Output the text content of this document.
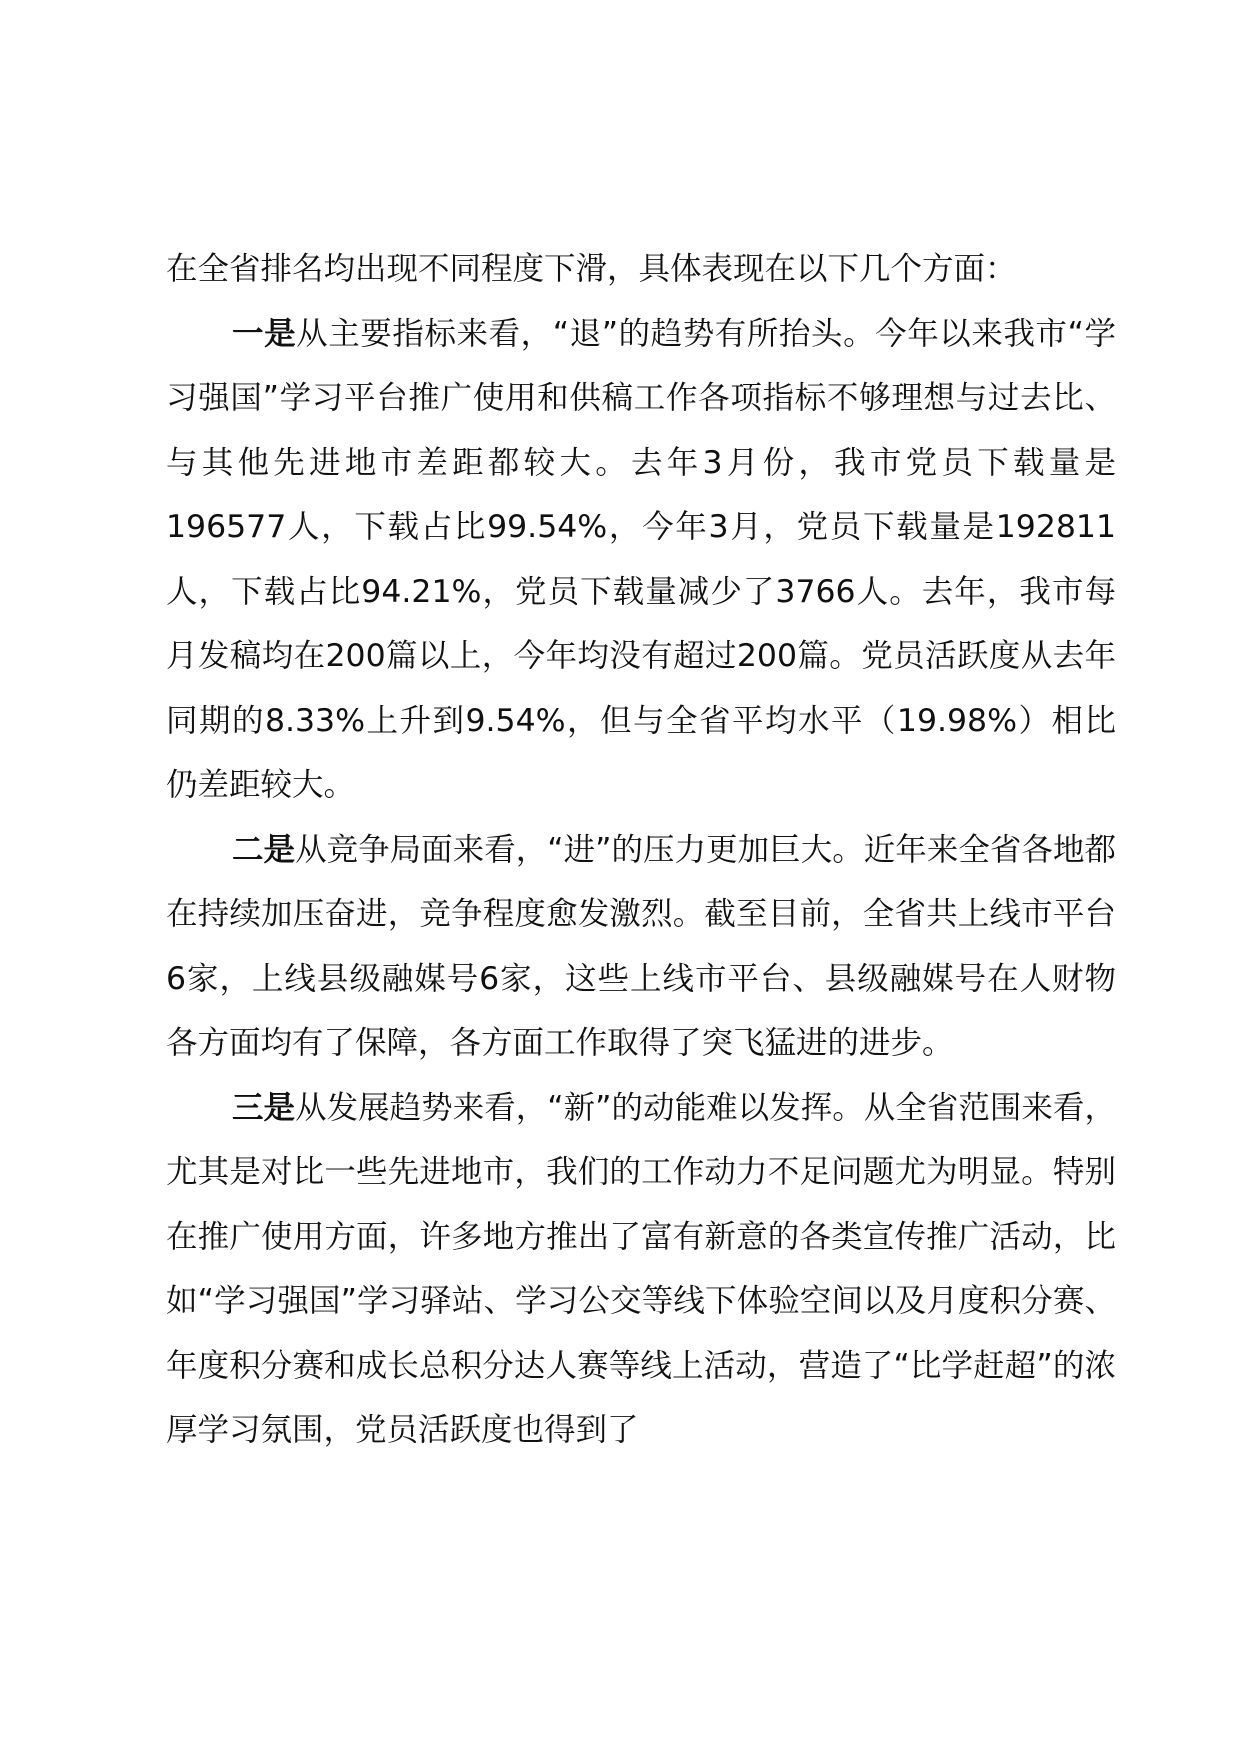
在全省排名均出现不同程度下滑，具体表现在以下几个方面：

一是从主要指标来看，“退”的趋势有所抬头。今年以来我市“学习强国”学习平台推广使用和供稿工作各项指标不够理想与过去比、与其他先进地市差距都较大。去年3月份，我市党员下载量是196577人，下载占比99.54%，今年3月，党员下载量是192811人，下载占比94.21%，党员下载量减少了3766人。去年，我市每月发稿均在200篇以上，今年均没有超过200篇。党员活跃度从去年同期的8.33%上升到9.54%，但与全省平均水平（19.98%）相比仍差距较大。

二是从竞争局面来看，“进”的压力更加巨大。近年来全省各地都在持续加压奋进，竞争程度愈发激烈。截至目前，全省共上线市平台6家，上线县级融媒号6家，这些上线市平台、县级融媒号在人财物各方面均有了保障，各方面工作取得了突飞猛进的进步。

三是从发展趋势来看，“新”的动能难以发挥。从全省范围来看，尤其是对比一些先进地市，我们的工作动力不足问题尤为明显。特别在推广使用方面，许多地方推出了富有新意的各类宣传推广活动，比如“学习强国”学习驿站、学习公交等线下体验空间以及月度积分赛、年度积分赛和成长总积分达人赛等线上活动，营造了“比学赶超”的浓厚学习氛围，党员活跃度也得到了
